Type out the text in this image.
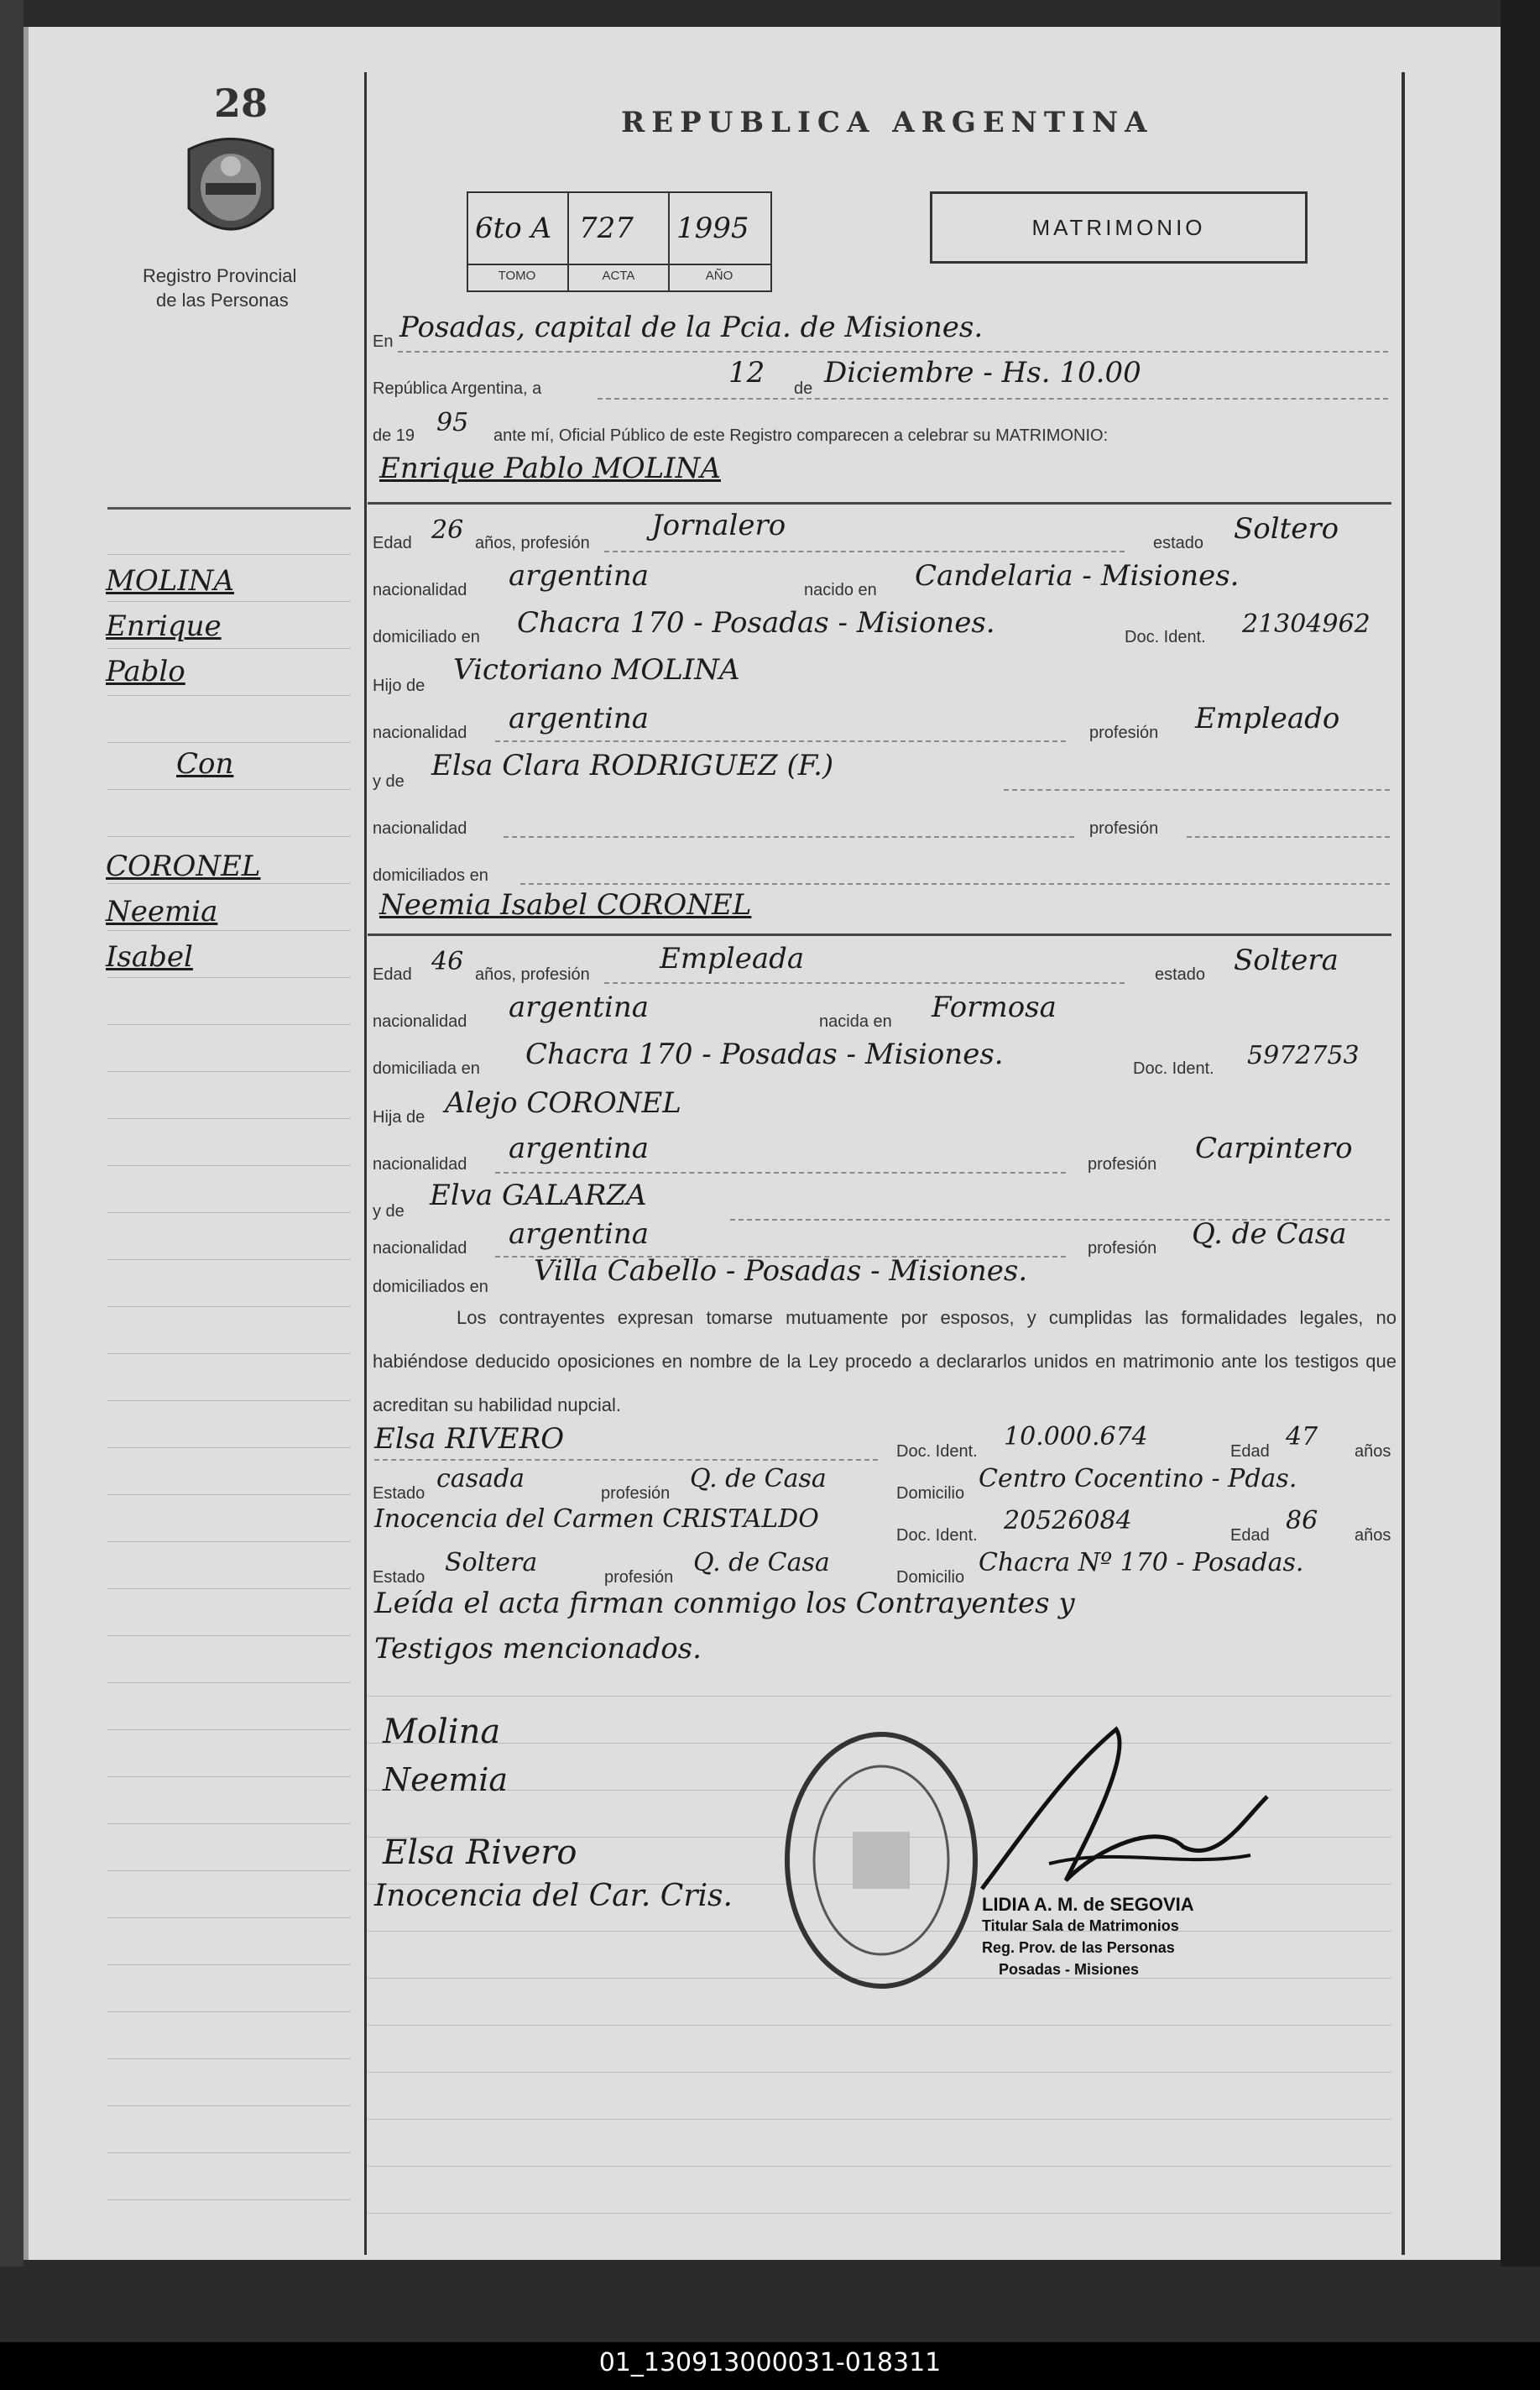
28
Registro Provincial
de las Personas
REPUBLICA ARGENTINA
6to A 727 1995
TOMO	ACTA	AÑO
MATRIMONIO
En Posadas, capital de la Pcia. de Misiones.
República Argentina, a	12 de Diciembre - Hs. 10.00
de 19 95 ante mí, Oficial Público de este Registro comparecen a celebrar su MATRIMONIO:
Enrique Pablo MOLINA
Edad 26 años, profesión
Jornalero
estado Soltero
nacionalidad argentina	nacido en Candelaria - Misiones.
domiciliado en Chacra 170 - Posadas - Misiones.	Doc. Ident. 21304962
Hijo de Victoriano MOLINA
nacionalidad argentina	profesión Empleado
y de Elsa Clara RODRIGUEZ (F.)
nacionalidad	profesión
domiciliados en
Neemia Isabel CORONEL
Edad 46 años, profesión Empleada	estado Soltera
nacionalidad argentina	nacida en Formosa
domiciliada en Chacra 170 - Posadas - Misiones.	Doc. Ident. 5972753
Hija de Alejo CORONEL
nacionalidad argentina	profesión Carpintero
y de Elva GALARZA
nacionalidad argentina	profesión Q. de Casa
domiciliados en Villa Cabello - Posadas - Misiones.
Los contrayentes expresan tomarse mutuamente por esposos, y cumplidas las formalidades legales, no habiéndose deducido oposiciones en nombre de la Ley procedo a declararlos unidos en matrimonio ante los testigos que acreditan su habilidad nupcial.
Elsa RIVERO	Doc. Ident. 10.000.674	Edad 47 años
Estado casada	profesión Q. de Casa	Domicilio Centro Cocentino - Pdas.
Inocencia del Carmen CRISTALDO
Doc. Ident. 20526084	Edad 86 años
Estado Soltera	profesión Q. de Casa	Domicilio Chacra Nº 170 - Posadas.
Leída el acta firman conmigo los Contrayentes y
Testigos mencionados.
Molina
Neemia
Elsa Rivero
Inocencia del Car. Cris.	LIDIA A. M. de SEGOVIA
Titular Sala de Matrimonios
Reg. Prov. de las Personas
Posadas - Misiones
MOLINA
Enrique
Pablo
Con
CORONEL
Neemia
Isabel
01_130913000031-018311
